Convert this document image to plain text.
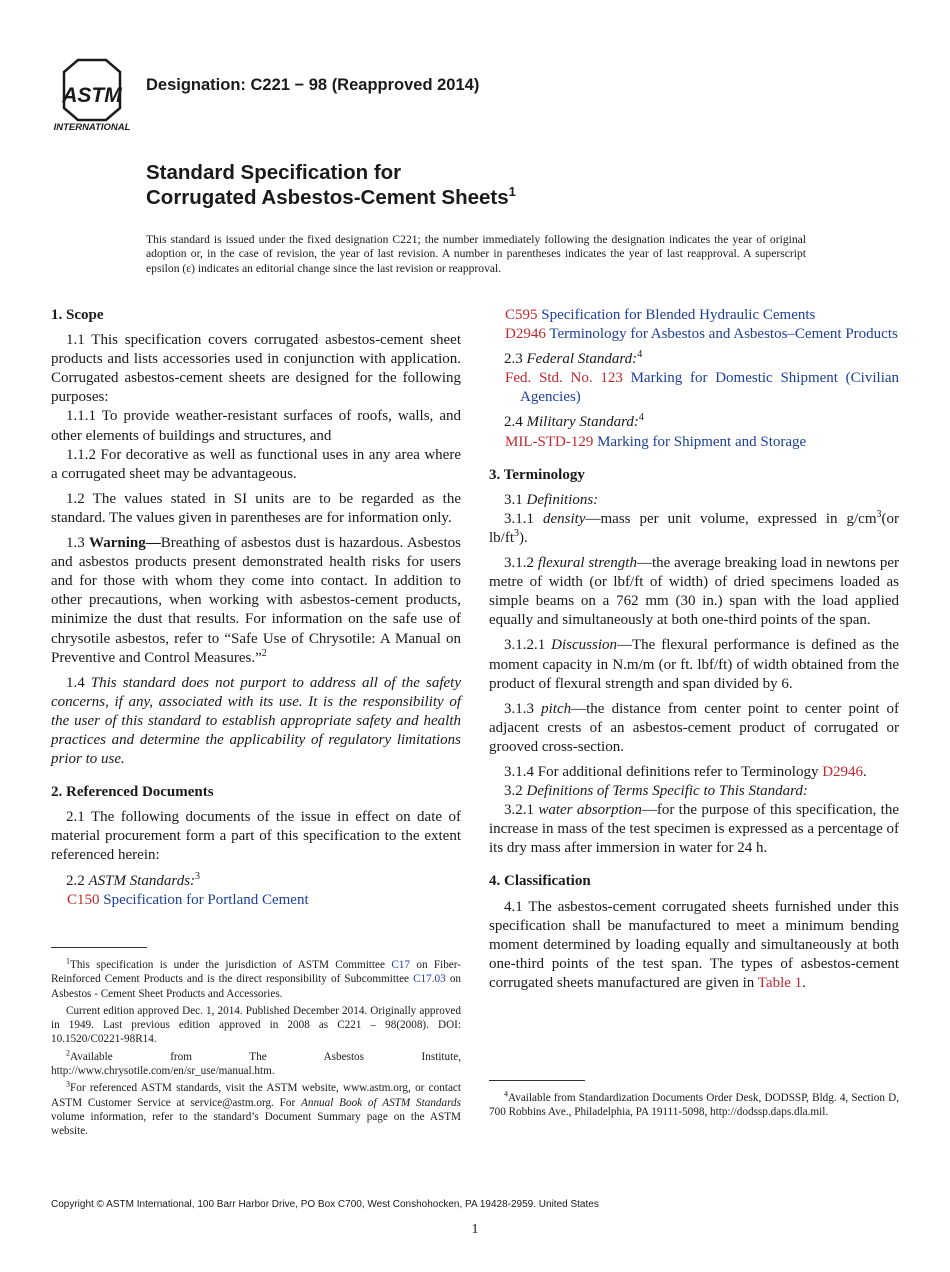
ASTM
INTERNATIONAL
Designation: C221 − 98 (Reapproved 2014)
Standard Specification for
Corrugated Asbestos-Cement Sheets$^1$
This standard is issued under the fixed designation C221; the number immediately following the designation indicates the year of original adoption or, in the case of revision, the year of last revision. A number in parentheses indicates the year of last reapproval. A superscript epsilon (ε) indicates an editorial change since the last revision or reapproval.
1. Scope

1.1 This specification covers corrugated asbestos-cement sheet products and lists accessories used in conjunction with application. Corrugated asbestos-cement sheets are designed for the following purposes:

1.1.1 To provide weather-resistant surfaces of roofs, walls, and other elements of buildings and structures, and

1.1.2 For decorative as well as functional uses in any area where a corrugated sheet may be advantageous.

1.2 The values stated in SI units are to be regarded as the standard. The values given in parentheses are for information only.

1.3 Warning—Breathing of asbestos dust is hazardous. Asbestos and asbestos products present demonstrated health risks for users and for those with whom they come into contact. In addition to other precautions, when working with asbestos-cement products, minimize the dust that results. For information on the safe use of chrysotile asbestos, refer to “Safe Use of Chrysotile: A Manual on Preventive and Control Measures.”$^2$

1.4 This standard does not purport to address all of the safety concerns, if any, associated with its use. It is the responsibility of the user of this standard to establish appropriate safety and health practices and determine the applicability of regulatory limitations prior to use.

2. Referenced Documents

2.1 The following documents of the issue in effect on date of material procurement form a part of this specification to the extent referenced herein:

2.2 ASTM Standards:$^3$

C150 Specification for Portland Cement

C595 Specification for Blended Hydraulic Cements

D2946 Terminology for Asbestos and Asbestos–Cement Products

2.3 Federal Standard:$^4$

Fed. Std. No. 123 Marking for Domestic Shipment (Civilian Agencies)

2.4 Military Standard:$^4$

MIL-STD-129 Marking for Shipment and Storage

3. Terminology

3.1 Definitions:

3.1.1 density—mass per unit volume, expressed in $g/cm^3(or$ $lb/ft^3$).

3.1.2 flexural strength—the average breaking load in newtons per metre of width (or lbf/ft of width) of dried specimens loaded as simple beams on a 762 mm (30 in.) span with the load applied equally and simultaneously at both one-third points of the span.

3.1.2.1 Discussion—The flexural performance is defined as the moment capacity in N.m/m (or ft. lbf/ft) of width obtained from the product of flexural strength and span divided by 6.

3.1.3 pitch—the distance from center point to center point of adjacent crests of an asbestos-cement product of corrugated or grooved cross-section.

3.1.4 For additional definitions refer to Terminology D2946.

3.2 Definitions of Terms Specific to This Standard:

3.2.1 water absorption—for the purpose of this specification, the increase in mass of the test specimen is expressed as a percentage of its dry mass after immersion in water for 24 h.

4. Classification

4.1 The asbestos-cement corrugated sheets furnished under this specification shall be manufactured to meet a minimum bending moment determined by loading equally and simultaneously at both one-third points of the test span. The types of asbestos-cement corrugated sheets manufactured are given in Table 1.

$^1$This specification is under the jurisdiction of ASTM Committee C17 on Fiber-Reinforced Cement Products and is the direct responsibility of Subcommittee C17.03 on Asbestos - Cement Sheet Products and Accessories.

Current edition approved Dec. 1, 2014. Published December 2014. Originally approved in 1949. Last previous edition approved in 2008 as C221 – 98(2008). DOI: 10.1520/C0221-98R14.

$^2$Available from The Asbestos Institute, http://www.chrysotile.com/en/sr_use/manual.htm.

$^3$For referenced ASTM standards, visit the ASTM website, www.astm.org, or contact ASTM Customer Service at service@astm.org. For Annual Book of ASTM Standards volume information, refer to the standard’s Document Summary page on the ASTM website.

$^4$Available from Standardization Documents Order Desk, DODSSP, Bldg. 4, Section D, 700 Robbins Ave., Philadelphia, PA 19111-5098, http://dodssp.daps.dla.mil.

Copyright © ASTM International, 100 Barr Harbor Drive, PO Box C700, West Conshohocken, PA 19428-2959. United States
1
